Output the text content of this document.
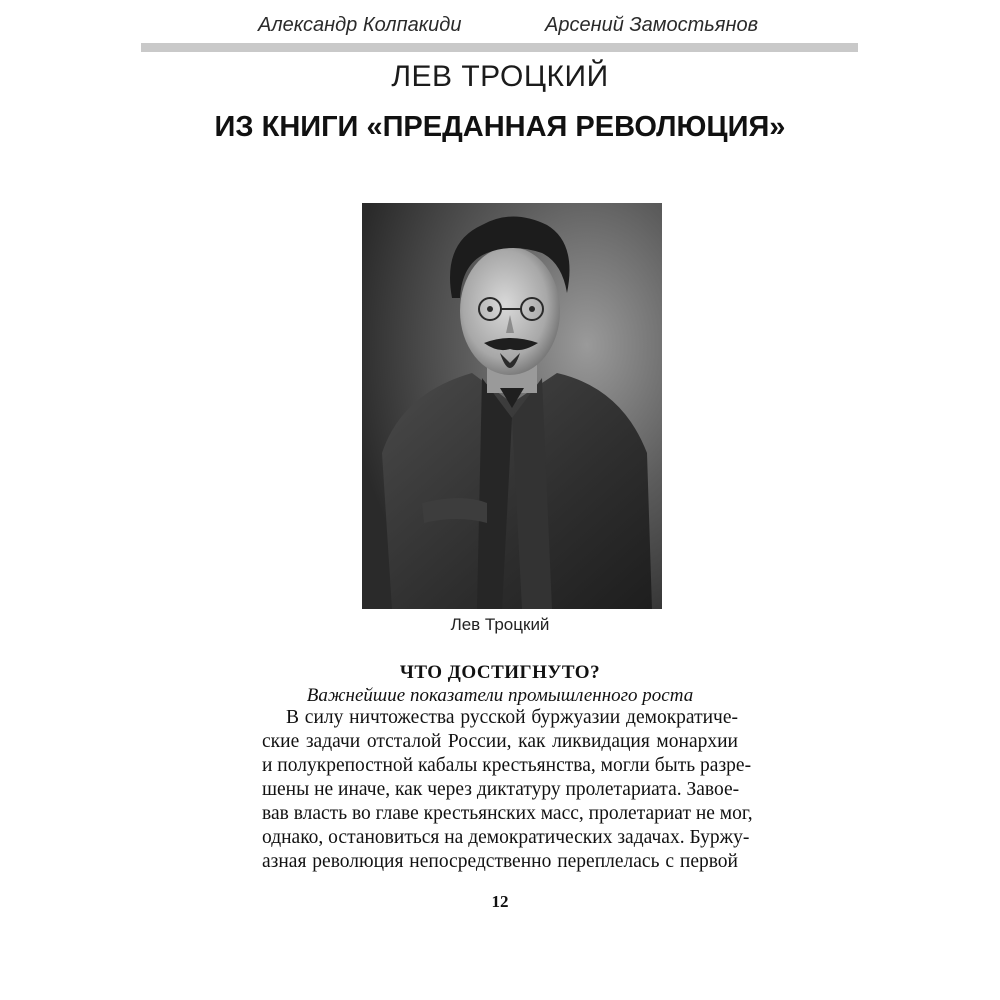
Александр Колпакиди	Арсений Замостьянов
ЛЕВ ТРОЦКИЙ
ИЗ КНИГИ «ПРЕДАННАЯ РЕВОЛЮЦИЯ»
Лев Троцкий
ЧТО ДОСТИГНУТО?
Важнейшие показатели промышленного роста
В силу ничтожества русской буржуазии демократиче-
ские задачи отсталой России, как ликвидация монархии
и полукрепостной кабалы крестьянства, могли быть разре-
шены не иначе, как через диктатуру пролетариата. Завое-
вав власть во главе крестьянских масс, пролетариат не мог,
однако, остановиться на демократических задачах. Буржу-
азная революция непосредственно переплелась с первой
12
